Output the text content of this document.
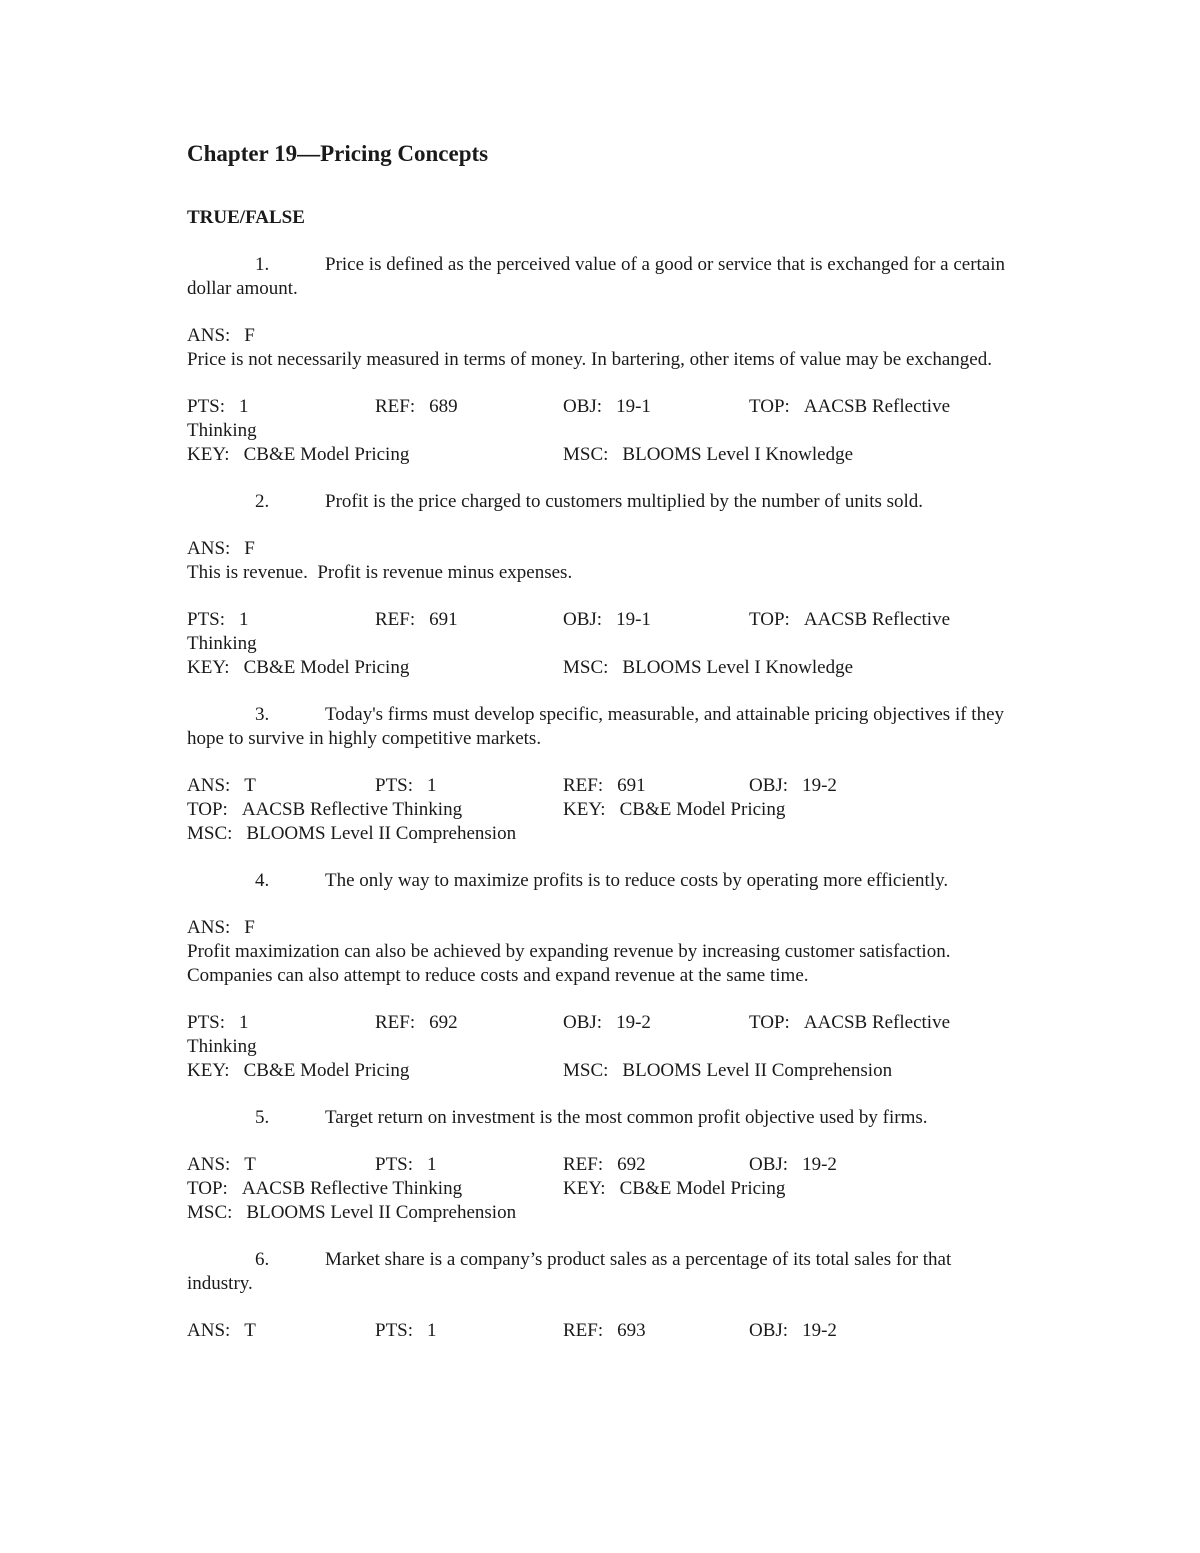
Chapter 19—Pricing Concepts
TRUE/FALSE
1.	Price is defined as the perceived value of a good or service that is exchanged for a certain dollar amount.
ANS: F
Price is not necessarily measured in terms of money. In bartering, other items of value may be exchanged.
PTS: 1	REF: 689	OBJ: 19-1	TOP: AACSB Reflective
Thinking
KEY: CB&E Model Pricing	MSC: BLOOMS Level I Knowledge
2.	Profit is the price charged to customers multiplied by the number of units sold.
ANS: F
This is revenue.  Profit is revenue minus expenses.
PTS: 1	REF: 691	OBJ: 19-1	TOP: AACSB Reflective
Thinking
KEY: CB&E Model Pricing	MSC: BLOOMS Level I Knowledge
3.	Today's firms must develop specific, measurable, and attainable pricing objectives if they hope to survive in highly competitive markets.
ANS: T	PTS: 1	REF: 691	OBJ: 19-2
TOP: AACSB Reflective Thinking	KEY: CB&E Model Pricing
MSC: BLOOMS Level II Comprehension
4.	The only way to maximize profits is to reduce costs by operating more efficiently.
ANS: F
Profit maximization can also be achieved by expanding revenue by increasing customer satisfaction. Companies can also attempt to reduce costs and expand revenue at the same time.
PTS: 1	REF: 692	OBJ: 19-2	TOP: AACSB Reflective
Thinking
KEY: CB&E Model Pricing	MSC: BLOOMS Level II Comprehension
5.	Target return on investment is the most common profit objective used by firms.
ANS: T	PTS: 1	REF: 692	OBJ: 19-2
TOP: AACSB Reflective Thinking	KEY: CB&E Model Pricing
MSC: BLOOMS Level II Comprehension
6.	Market share is a company’s product sales as a percentage of its total sales for that industry.
ANS: T	PTS: 1	REF: 693	OBJ: 19-2
